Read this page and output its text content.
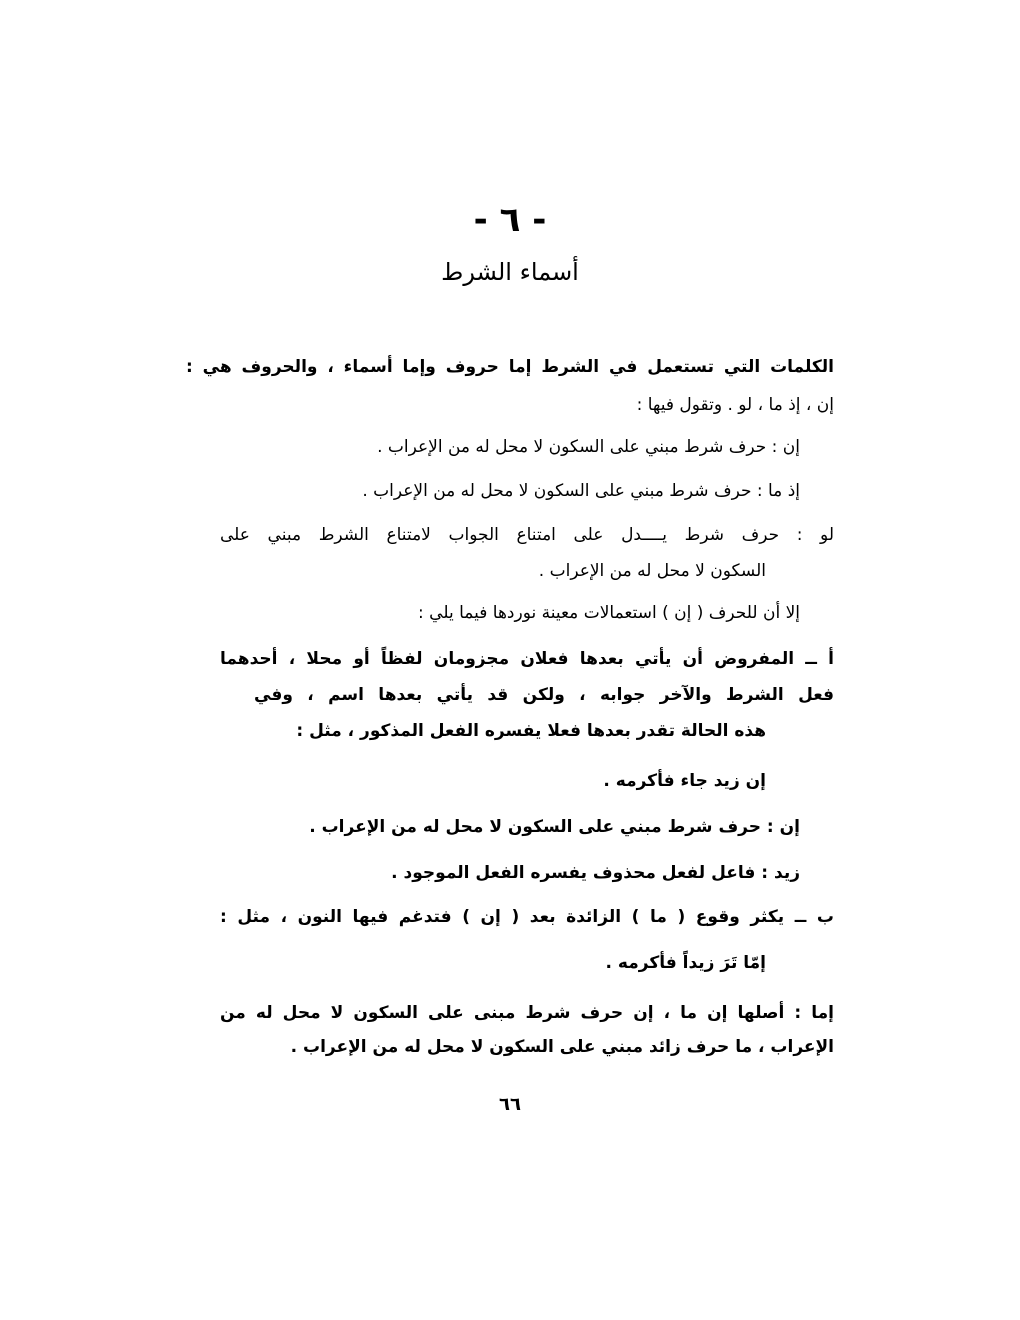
- ٦ -
أسماء الشرط
الكلمات التي تستعمل في الشرط إما حروف وإما أسماء ، والحروف هي :
إن ، إذ ما ، لو . وتقول فيها :
إن : حرف شرط مبني على السكون لا محل له من الإعراب .
إذ ما : حرف شرط مبني على السكون لا محل له من الإعراب .
لو : حرف شرط يــــدل على امتناع الجواب لامتناع الشرط مبني على
السكون لا محل له من الإعراب .
إلا أن للحرف ( إن ) استعمالات معينة نوردها فيما يلي :
أ ــ المفروض أن يأتي بعدها فعلان مجزومان لفظاً أو محلا ، أحدهما
فعل الشرط والآخر جوابه ، ولكن قد يأتي بعدها اسم ، وفي
هذه الحالة تقدر بعدها فعلا يفسره الفعل المذكور ، مثل :
إن زيد جاء فأكرمه .
إن : حرف شرط مبني على السكون لا محل له من الإعراب .
زيد : فاعل لفعل محذوف يفسره الفعل الموجود .
ب ــ يكثر وقوع ( ما ) الزائدة بعد ( إن ) فتدغم فيها النون ، مثل :
إمّا تَرَ زيداً فأكرمه .
إما : أصلها إن ما ، إن حرف شرط مبنى على السكون لا محل له من
الإعراب ، ما حرف زائد مبني على السكون لا محل له من الإعراب .
٦٦
